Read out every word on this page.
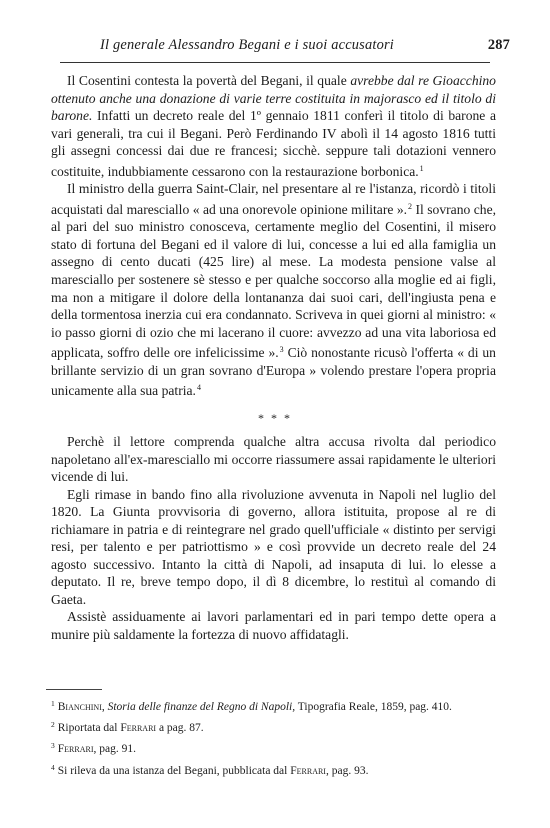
Il generale Alessandro Begani e i suoi accusatori	287

Il Cosentini contesta la povertà del Begani, il quale avrebbe dal re Gioacchino ottenuto anche una donazione di varie terre costituita in majorasco ed il titolo di barone. Infatti un decreto reale del 1º gennaio 1811 conferì il titolo di barone a vari generali, tra cui il Begani. Però Ferdinando IV abolì il 14 agosto 1816 tutti gli assegni concessi dai due re francesi; sicchè. seppure tali dotazioni vennero costituite, indubbiamente cessarono con la restaurazione borbonica.$^1$

Il ministro della guerra Saint-Clair, nel presentare al re l'istanza, ricordò i titoli acquistati dal maresciallo « ad una onorevole opinione militare ».$^2$ Il sovrano che, al pari del suo ministro conosceva, certamente meglio del Cosentini, il misero stato di fortuna del Begani ed il valore di lui, concesse a lui ed alla famiglia un assegno di cento ducati (425 lire) al mese. La modesta pensione valse al maresciallo per sostenere sè stesso e per qualche soccorso alla moglie ed ai figli, ma non a mitigare il dolore della lontananza dai suoi cari, dell'ingiusta pena e della tormentosa inerzia cui era condannato. Scriveva in quei giorni al ministro: « io passo giorni di ozio che mi lacerano il cuore: avvezzo ad una vita laboriosa ed applicata, soffro delle ore infelicissime ».$^3$ Ciò nonostante ricusò l'offerta « di un brillante servizio di un gran sovrano d'Europa » volendo prestare l'opera propria unicamente alla sua patria.$^4$

* * *

Perchè il lettore comprenda qualche altra accusa rivolta dal periodico napoletano all'ex-maresciallo mi occorre riassumere assai rapidamente le ulteriori vicende di lui.

Egli rimase in bando fino alla rivoluzione avvenuta in Napoli nel luglio del 1820. La Giunta provvisoria di governo, allora istituita, propose al re di richiamare in patria e di reintegrare nel grado quell'ufficiale « distinto per servigi resi, per talento e per patriottismo » e così provvide un decreto reale del 24 agosto successivo. Intanto la città di Napoli, ad insaputa di lui. lo elesse a deputato. Il re, breve tempo dopo, il dì 8 dicembre, lo restituì al comando di Gaeta.

Assistè assiduamente ai lavori parlamentari ed in pari tempo dette opera a munire più saldamente la fortezza di nuovo affidatagli.

$^1$ Bianchini, Storia delle finanze del Regno di Napoli, Tipografia Reale, 1859, pag. 410.
$^2$ Riportata dal Ferrari a pag. 87.
$^3$ Ferrari, pag. 91.
$^4$ Si rileva da una istanza del Begani, pubblicata dal Ferrari, pag. 93.
